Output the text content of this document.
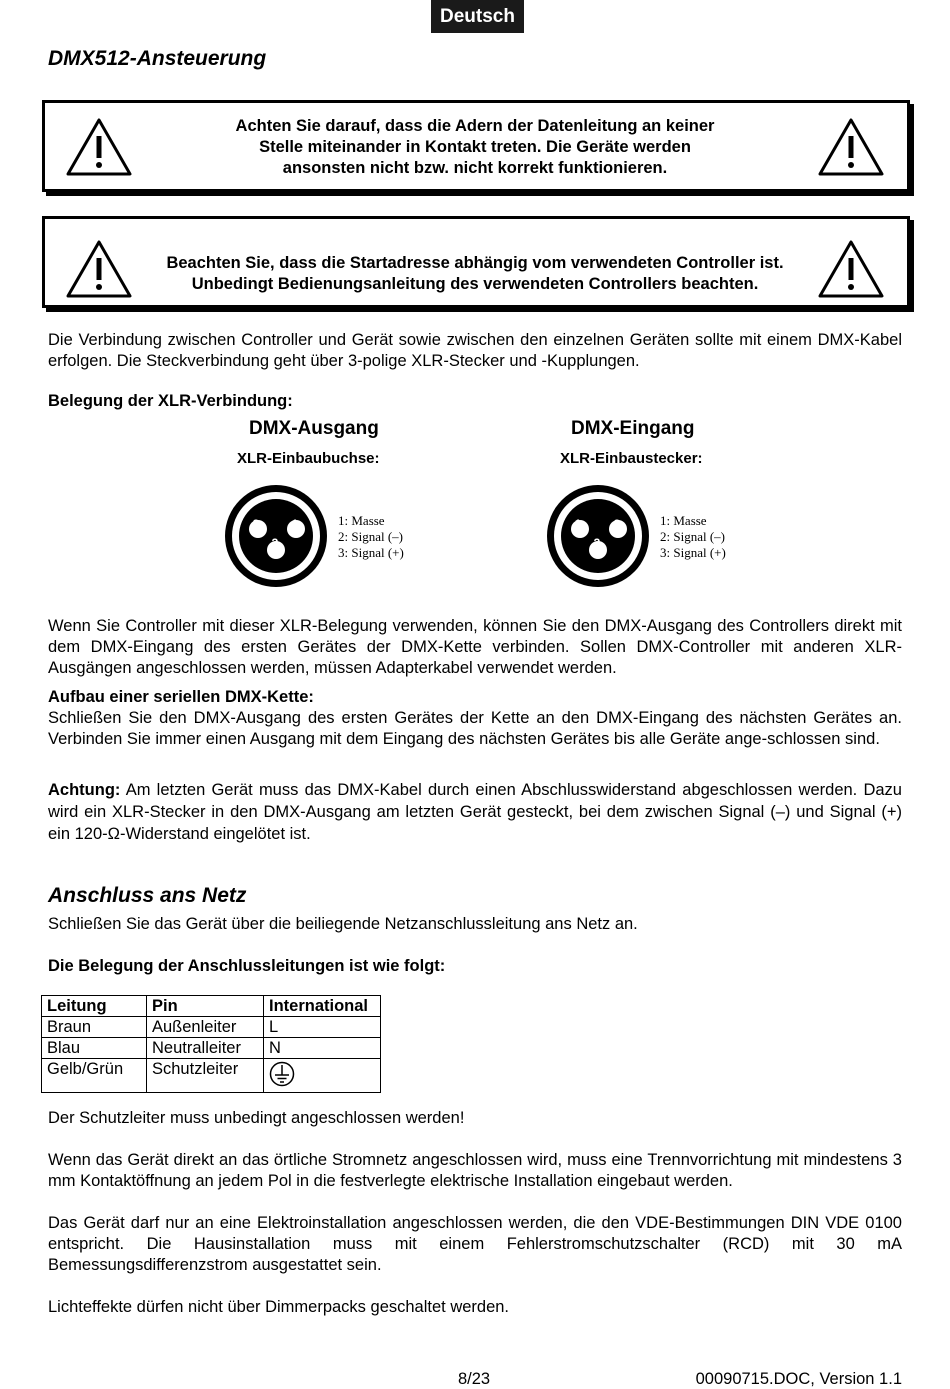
Deutsch
DMX512-Ansteuerung
Achten Sie darauf, dass die Adern der Datenleitung an keiner
Stelle miteinander in Kontakt treten. Die Geräte werden
ansonsten nicht bzw. nicht korrekt funktionieren.
Beachten Sie, dass die Startadresse abhängig vom verwendeten Controller ist.
Unbedingt Bedienungsanleitung des verwendeten Controllers beachten.
Die Verbindung zwischen Controller und Gerät sowie zwischen den einzelnen Geräten sollte mit einem DMX-Kabel erfolgen. Die Steckverbindung geht über 3-polige XLR-Stecker und -Kupplungen.
Belegung der XLR-Verbindung:
DMX-Ausgang
XLR-Einbaubuchse:
DMX-Eingang
XLR-Einbaustecker:
2	1
3
1: Masse
2: Signal (–)
3: Signal (+)
1	2
3
1: Masse
2: Signal (–)
3: Signal (+)
Wenn Sie Controller mit dieser XLR-Belegung verwenden, können Sie den DMX-Ausgang des Controllers direkt mit dem DMX-Eingang des ersten Gerätes der DMX-Kette verbinden. Sollen DMX-Controller mit anderen XLR-Ausgängen angeschlossen werden, müssen Adapterkabel verwendet werden.
Aufbau einer seriellen DMX-Kette:
Schließen Sie den DMX-Ausgang des ersten Gerätes der Kette an den DMX-Eingang des nächsten Gerätes an. Verbinden Sie immer einen Ausgang mit dem Eingang des nächsten Gerätes bis alle Geräte ange-schlossen sind.
Achtung: Am letzten Gerät muss das DMX-Kabel durch einen Abschlusswiderstand abgeschlossen werden. Dazu wird ein XLR-Stecker in den DMX-Ausgang am letzten Gerät gesteckt, bei dem zwischen Signal (–) und Signal (+) ein 120-Ω-Widerstand eingelötet ist.
Anschluss ans Netz
Schließen Sie das Gerät über die beiliegende Netzanschlussleitung ans Netz an.
Die Belegung der Anschlussleitungen ist wie folgt:
Leitung	Pin	International
Braun	Außenleiter	L
Blau	Neutralleiter	N
Gelb/Grün	Schutzleiter	
Der Schutzleiter muss unbedingt angeschlossen werden!
Wenn das Gerät direkt an das örtliche Stromnetz angeschlossen wird, muss eine Trennvorrichtung mit mindestens 3 mm Kontaktöffnung an jedem Pol in die festverlegte elektrische Installation eingebaut werden.
Das Gerät darf nur an eine Elektroinstallation angeschlossen werden, die den VDE-Bestimmungen DIN VDE 0100 entspricht. Die Hausinstallation muss mit einem Fehlerstromschutzschalter (RCD) mit 30 mA Bemessungsdifferenzstrom ausgestattet sein.
Lichteffekte dürfen nicht über Dimmerpacks geschaltet werden.
8/23	00090715.DOC, Version 1.1
